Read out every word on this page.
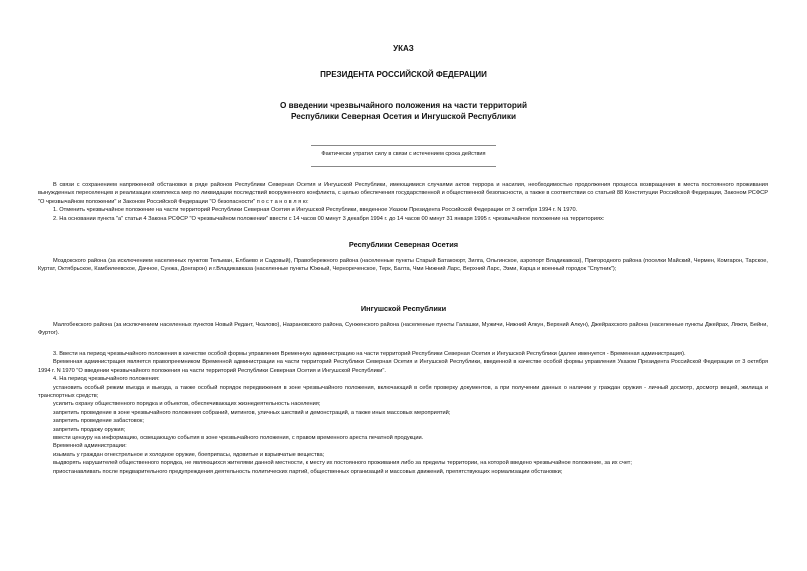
УКАЗ
ПРЕЗИДЕНТА РОССИЙСКОЙ ФЕДЕРАЦИИ
О введении чрезвычайного положения на части территорий
Республики Северная Осетия и Ингушской Республики
Фактически утратил силу в связи с истечением срока действия

В связи с сохранением напряженной обстановки в ряде районов Республики Северная Осетия и Ингушской Республики, имеющимися случаями актов террора и насилия, необходимостью продолжения процесса возвращения в места постоянного проживания вынужденных переселенцев и реализации комплекса мер по ликвидации последствий вооруженного конфликта, с целью обеспечения государственной и общественной безопасности, а также в соответствии со статьей 88 Конституции Российской Федерации, Законом РСФСР "О чрезвычайном положении" и Законом Российской Федерации "О безопасности" п о с т а н о в л я ю:

1. Отменить чрезвычайное положение на части территорий Республики Северная Осетия и Ингушской Республики, введенное Указом Президента Российской Федерации от 3 октября 1994 г. N 1970.

2. На основании пункта "а" статьи 4 Закона РСФСР "О чрезвычайном положении" ввести с 14 часов 00 минут 3 декабря 1994 г. до 14 часов 00 минут 31 января 1995 г. чрезвычайное положение на территориях:

Республики Северная Осетия

Моздокского района (за исключением населенных пунктов Тельман, Елбаево и Садовый), Правобережного района (населенные пункты Старый Батакоюрт, Зилга, Ольгинское, аэропорт Владикавказ), Пригородного района (поселки Майский, Чермен, Комгарон, Тарское, Куртат, Октябрьское, Камбилеевское, Дачное, Сунжа, Донгарон) и г.Владикавказа (населенные пункты Южный, Чернореченское, Терк, Балта, Чми Нижний Ларс, Верхний Ларс, Эзми, Карца и военный городок "Спутник");

Ингушской Республики

Малгобекского района (за исключением населенных пунктов Новый Редант, Чкалово), Назрановского района, Сунженского района (населенные пункты Галашки, Мужичи, Нижний Алкун, Верхний Алкун), Джейрахского района (населенные пункты Джейрах, Ляжги, Бейни, Фуртог).

3. Ввести на период чрезвычайного положения в качестве особой формы управления Временную администрацию на части территорий Республики Северная Осетия и Ингушской Республики (далее именуется - Временная администрация).

Временная администрация является правопреемником Временной администрации на части территорий Республики Северная Осетия и Ингушской Республики, введенной в качестве особой формы управления Указом Президента Российской Федерации от 3 октября 1994 г. N 1970 "О введении чрезвычайного положения на части территорий Республики Северная Осетия и Ингушской Республики".

4. На период чрезвычайного положения:

установить особый режим въезда и выезда, а также особый порядок передвижения в зоне чрезвычайного положения, включающий в себя проверку документов, а при получении данных о наличии у граждан оружия - личный досмотр, досмотр вещей, жилища и транспортных средств;

усилить охрану общественного порядка и объектов, обеспечивающих жизнедеятельность населения;

запретить проведение в зоне чрезвычайного положения собраний, митингов, уличных шествий и демонстраций, а также иных массовых мероприятий;

запретить проведение забастовок;

запретить продажу оружия;

ввести цензуру на информацию, освещающую события в зоне чрезвычайного положения, с правом временного ареста печатной продукции.

Временной администрации:

изымать у граждан огнестрельное и холодное оружие, боеприпасы, ядовитые и взрывчатые вещества;

выдворять нарушителей общественного порядка, не являющихся жителями данной местности, к месту их постоянного проживания либо за пределы территории, на которой введено чрезвычайное положение, за их счет;

приостанавливать после предварительного предупреждения деятельность политических партий, общественных организаций и массовых движений, препятствующих нормализации обстановки;
